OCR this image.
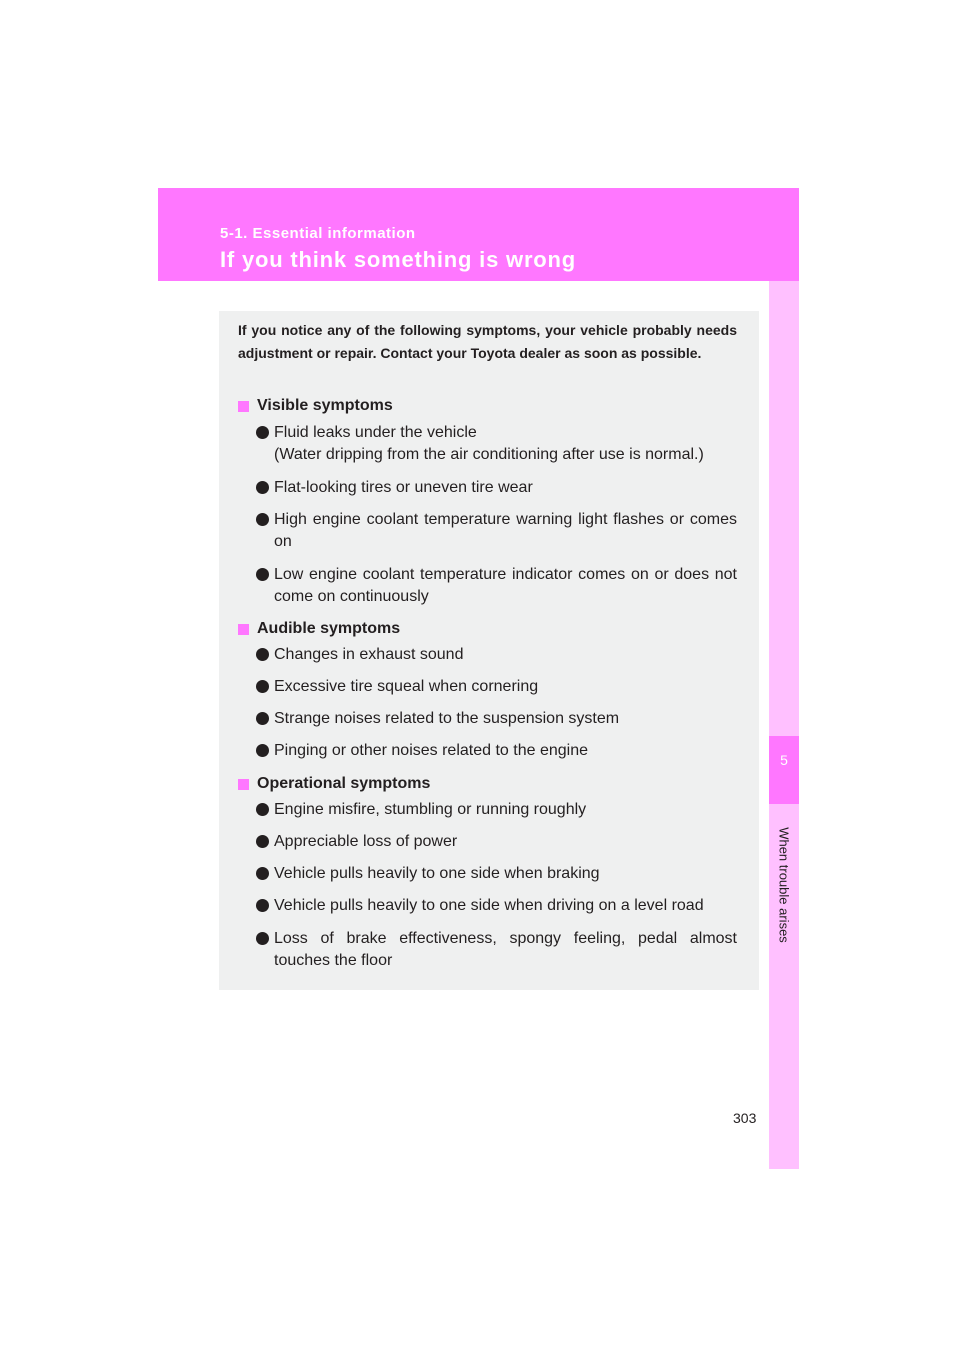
5-1. Essential information
If you think something is wrong
5
When trouble arises

If you notice any of the following symptoms, your vehicle probably needs adjustment or repair. Contact your Toyota dealer as soon as possible.

Visible symptoms
Fluid leaks under the vehicle
(Water dripping from the air conditioning after use is normal.)
Flat-looking tires or uneven tire wear
High engine coolant temperature warning light flashes or comes on
Low engine coolant temperature indicator comes on or does not come on continuously
Audible symptoms
Changes in exhaust sound
Excessive tire squeal when cornering
Strange noises related to the suspension system
Pinging or other noises related to the engine
Operational symptoms
Engine misfire, stumbling or running roughly
Appreciable loss of power
Vehicle pulls heavily to one side when braking
Vehicle pulls heavily to one side when driving on a level road
Loss of brake effectiveness, spongy feeling, pedal almost touches the floor
303
